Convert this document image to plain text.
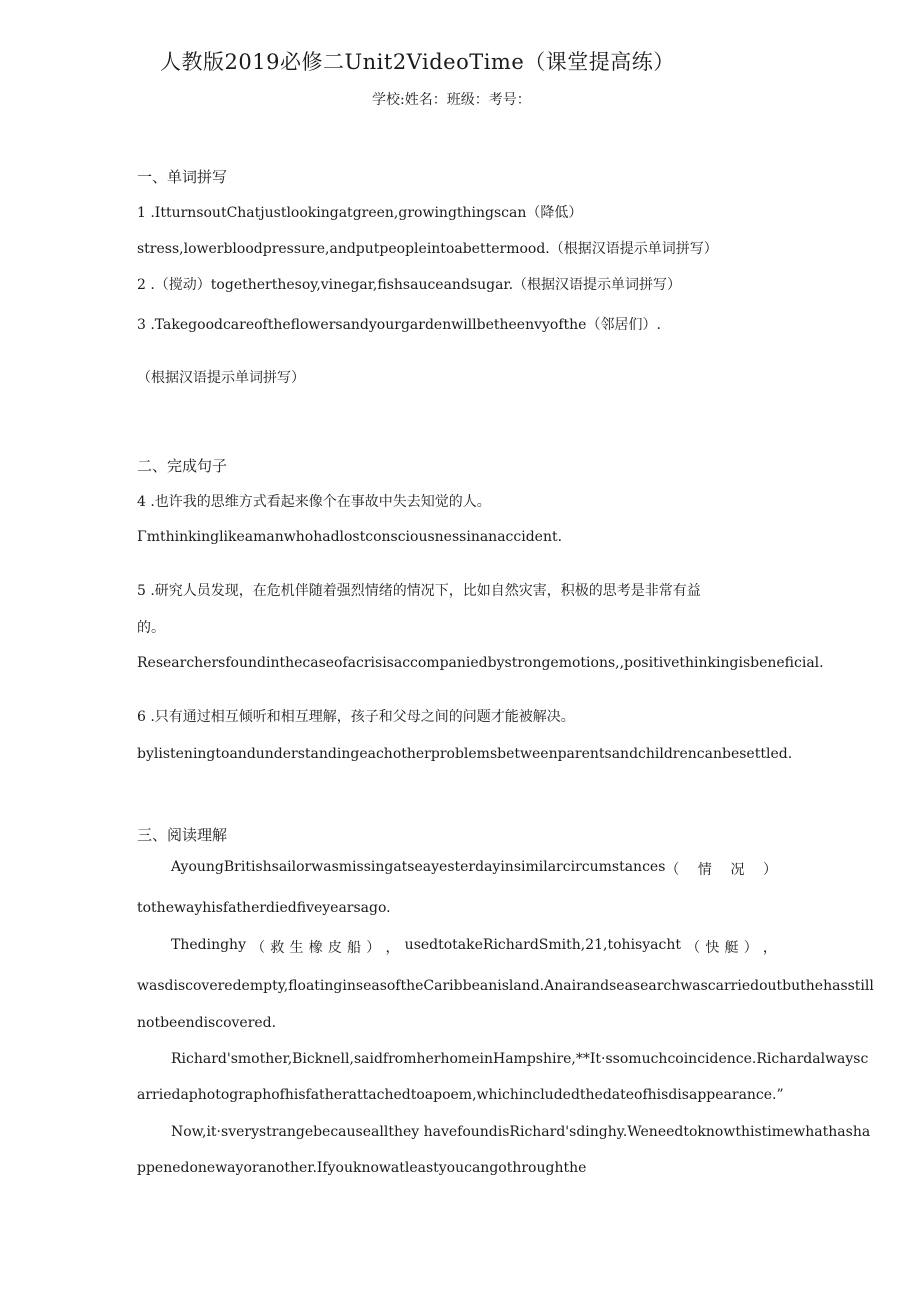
人教版2019必修二Unit2VideoTime（课堂提高练）
学校:姓名：班级：考号：
一、单词拼写
1 .ItturnsoutChatjustlookingatgreen,growingthingscan（降低）
stress,lowerbloodpressure,andputpeopleintoabettermood.（根据汉语提示单词拼写）
2 .（搅动）togetherthesoy,vinegar,fishsauceandsugar.（根据汉语提示单词拼写）
3 .Takegoodcareoftheflowersandyourgardenwillbetheenvyofthe（邻居们）.
（根据汉语提示单词拼写）
二、完成句子
4 .也许我的思维方式看起来像个在事故中失去知觉的人。
Γmthinkinglikeamanwhohadlostconsciousnessinanaccident.
5 .研究人员发现，在危机伴随着强烈情绪的情况下，比如自然灾害，积极的思考是非常有益
的。
Researchersfoundinthecaseofacrisisaccompaniedbystrongemotions,,positivethinkingisbeneficial.
6 .只有通过相互倾听和相互理解，孩子和父母之间的问题才能被解决。
bylisteningtoandunderstandingeachotherproblemsbetweenparentsandchildrencanbesettled.
三、阅读理解
AyoungBritishsailorwasmissingatseayesterdayinsimilarcircumstances （ 情 况 ）
tothewayhisfatherdiedfiveyearsago.
Thedinghy （ 救 生 橡 皮 船 ） ， usedtotakeRichardSmith,21,tohisyacht （ 快 艇 ） ，
wasdiscoveredempty,floatinginseasoftheCaribbeanisland.Anairandseasearchwascarriedoutbuthehasstill
notbeendiscovered.
Richard'smother,Bicknell,saidfromherhomeinHampshire,**It·ssomuchcoincidence.Richardalwaysc
arriedaphotographofhisfatherattachedtoapoem,whichincludedthedateofhisdisappearance.”
Now,it·sverystrangebecauseallthey havefoundisRichard'sdinghy.Weneedtoknowthistimewhathasha
ppenedonewayoranother.Ifyouknowatleastyoucangothroughthe
